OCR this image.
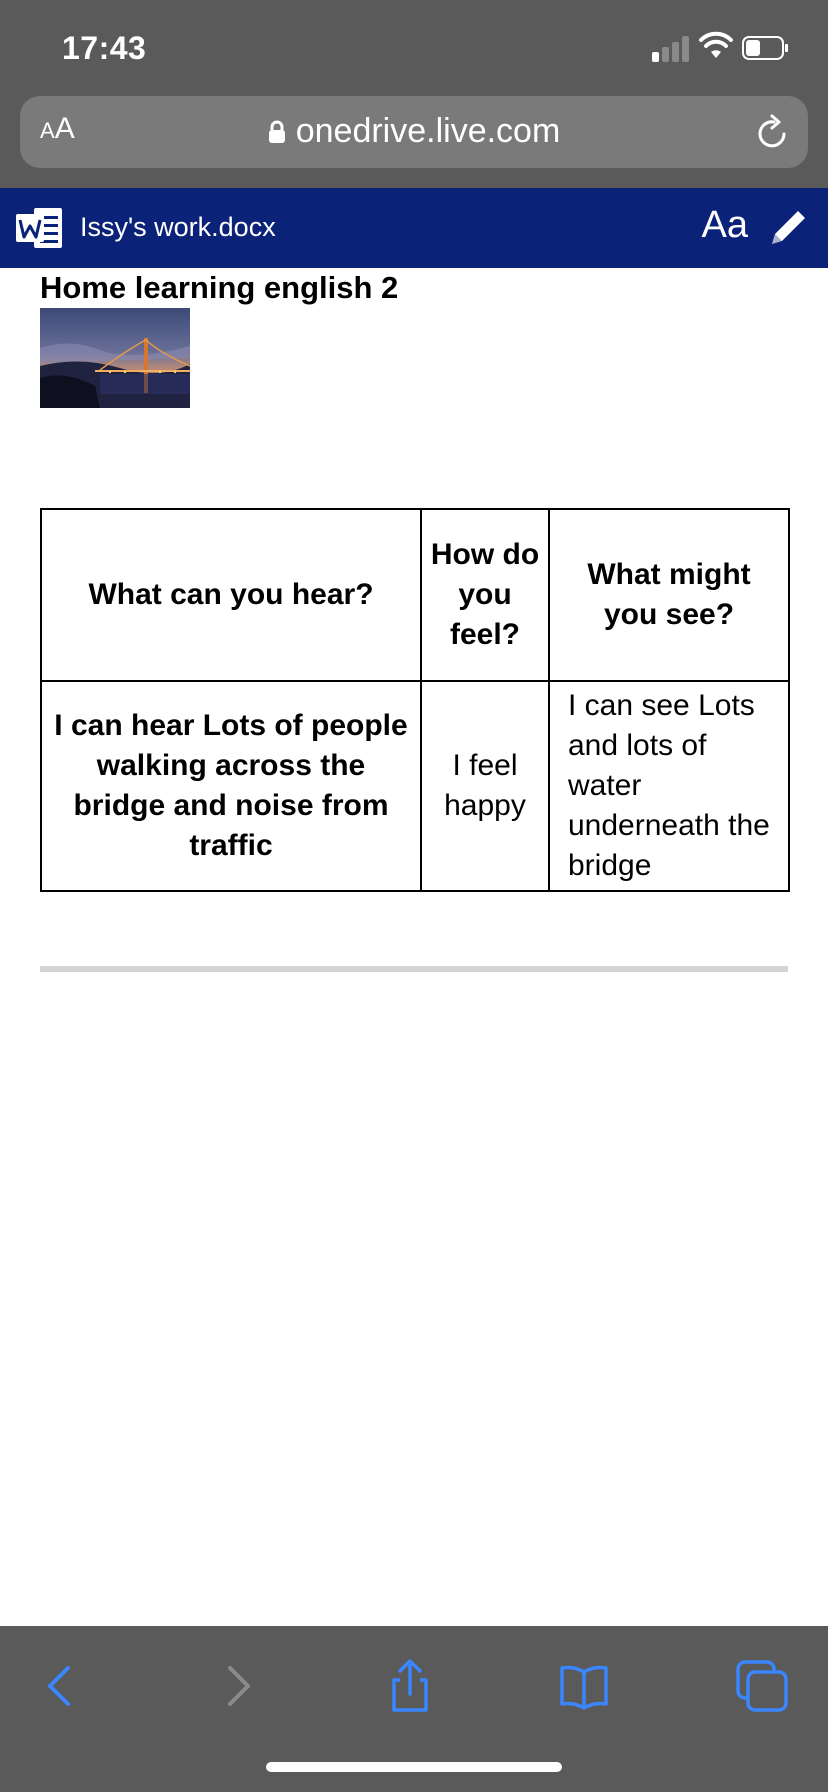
17:43
AA	onedrive.live.com
Issy's work.docx	Aa
Home learning english 2
What can you hear?	How do you feel?	What might you see?
I can hear Lots of people walking across the bridge and noise from traffic	I feel happy	I can see Lots and lots of water underneath the bridge
